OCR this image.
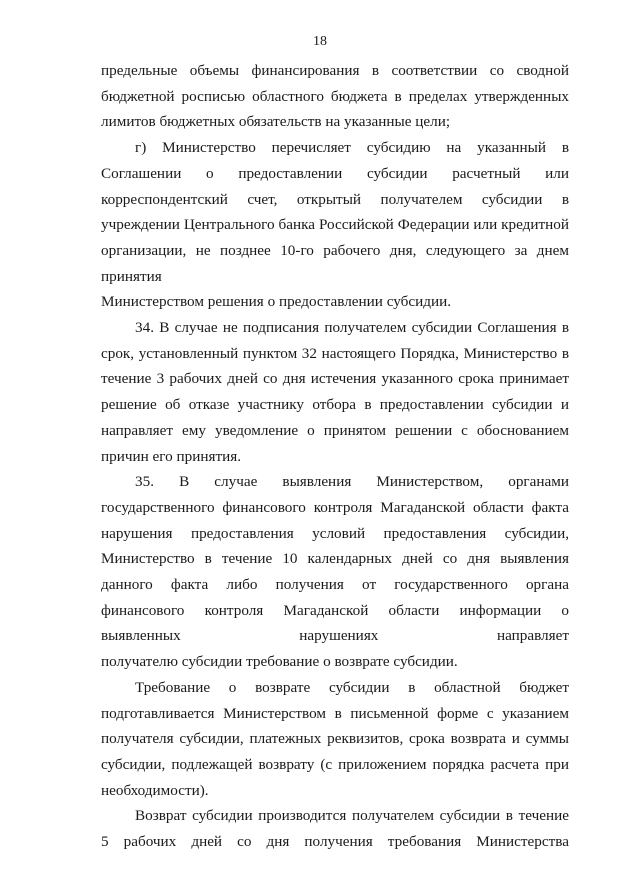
18

предельные объемы финансирования в соответствии со сводной бюджетной росписью областного бюджета в пределах утвержденных

лимитов бюджетных обязательств на указанные цели;

г) Министерство перечисляет субсидию на указанный в Соглашении о предоставлении субсидии расчетный или корреспондентский счет, открытый получателем субсидии в учреждении Центрального банка Российской Федерации или кредитной организации, не позднее 10-го рабочего дня, следующего за днем принятия

Министерством решения о предоставлении субсидии.

34. В случае не подписания получателем субсидии Соглашения в срок, установленный пунктом 32 настоящего Порядка, Министерство в течение 3 рабочих дней со дня истечения указанного срока принимает решение об отказе участнику отбора в предоставлении субсидии и направляет ему уведомление о принятом решении с обоснованием

причин его принятия.

35. В случае выявления Министерством, органами государственного финансового контроля Магаданской области факта нарушения предоставления условий предоставления субсидии, Министерство в течение 10 календарных дней со дня выявления данного факта либо получения от государственного органа финансового контроля Магаданской области информации о выявленных нарушениях направляет

получателю субсидии требование о возврате субсидии.

Требование о возврате субсидии в областной бюджет подготавливается Министерством в письменной форме с указанием получателя субсидии, платежных реквизитов, срока возврата и суммы субсидии, подлежащей возврату (с приложением порядка расчета при

необходимости).

Возврат субсидии производится получателем субсидии в течение 5 рабочих дней со дня получения требования Министерства
